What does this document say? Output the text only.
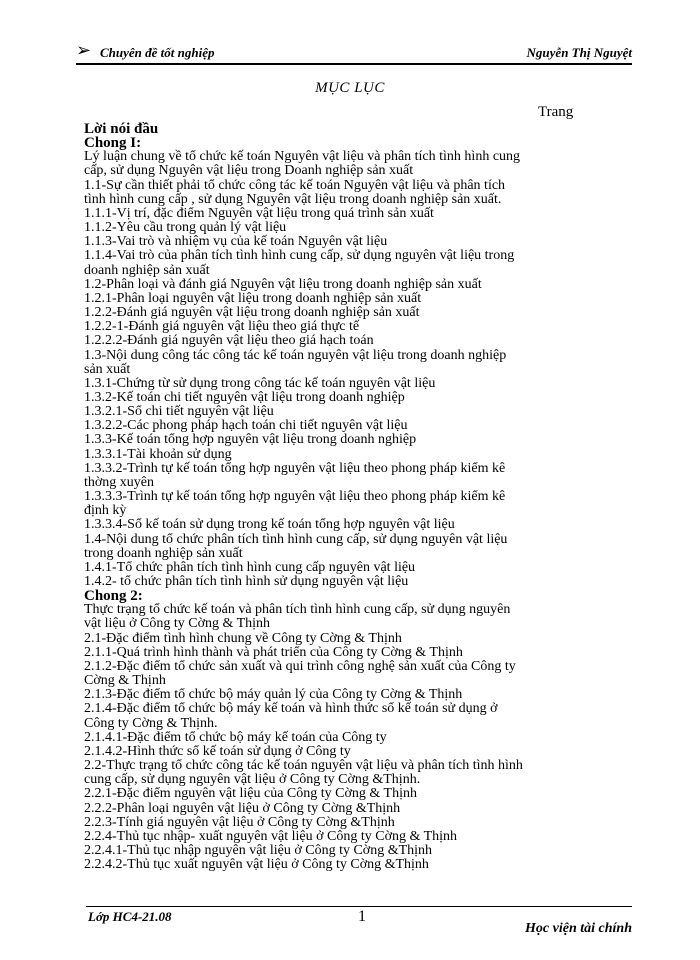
➢ Chuyên đề tốt nghiệp	Nguyễn Thị Nguyệt
MỤC LỤC
Trang
Lời nói đầu
Chong I:
Lý luận chung về tổ chức kế toán Nguyên vật liệu và phân tích tình hình cung cấp, sử dụng Nguyên vật liệu trong Doanh nghiệp sản xuất
1.1-Sự cần thiết phải tổ chức công tác kế toán Nguyên vật liệu và phân tích tình hình cung cấp , sử dụng Nguyên vật liệu trong doanh nghiệp sản xuất.
1.1.1-Vị trí, đặc điểm Nguyên vật liệu trong quá trình sản xuất
1.1.2-Yêu cầu trong quản lý vật liệu
1.1.3-Vai trò và nhiệm vụ của kế toán Nguyên vật liệu
1.1.4-Vai trò của phân tích tình hình cung cấp, sử dụng nguyên vật liệu trong doanh nghiệp sản xuất
1.2-Phân loại và đánh giá Nguyên vật liệu trong doanh nghiệp sản xuất
1.2.1-Phân loại nguyên vật liệu trong doanh nghiệp sản xuất
1.2.2-Đánh giá nguyên vật liệu trong doanh nghiệp sản xuất
1.2.2-1-Đánh giá nguyên vật liệu theo giá thực tế
1.2.2.2-Đánh giá nguyên vật liệu theo giá hạch toán
1.3-Nội dung công tác công tác kế toán nguyên vật liệu trong doanh nghiệp sản xuất
1.3.1-Chứng từ sử dụng trong công tác kế toán nguyên vật liệu
1.3.2-Kế toán chi tiết nguyên vật liệu trong doanh nghiệp
1.3.2.1-Sổ chi tiết nguyên vật liệu
1.3.2.2-Các phong pháp hạch toán chi tiết nguyên vật liệu
1.3.3-Kế toán tổng hợp nguyên vật liệu trong doanh nghiệp
1.3.3.1-Tài khoản sử dụng
1.3.3.2-Trình tự kế toán tổng hợp nguyên vật liệu theo phong pháp kiểm kê thờng xuyên
1.3.3.3-Trình tự kế toán tổng hợp nguyên vật liệu theo phong pháp kiểm kê định kỳ
1.3.3.4-Sổ kế toán sử dụng trong kế toán tổng hợp nguyên vật liệu
1.4-Nội dung tổ chức phân tích tình hình cung cấp, sử dụng nguyên vật liệu trong doanh nghiệp sản xuất
1.4.1-Tổ chức phân tích tình hình cung cấp nguyên vật liệu
1.4.2- tổ chức phân tích tình hình sử dụng nguyên vật liệu
Chong 2:
Thực trạng tổ chức kế toán và phân tích tình hình cung cấp, sử dụng nguyên vật liệu ở Công ty Cờng & Thịnh
2.1-Đặc điểm tình hình chung về Công ty Cờng & Thịnh
2.1.1-Quá trình hình thành và phát triển của Công ty Cờng & Thịnh
2.1.2-Đặc điểm tổ chức sản xuất và qui trình công nghệ sản xuất của Công ty Cờng & Thịnh
2.1.3-Đặc điểm tổ chức bộ máy quản lý của Công ty Cờng & Thịnh
2.1.4-Đặc điểm tổ chức bộ máy kế toán và hình thức sổ kế toán sử dụng ở Công ty Cờng & Thịnh.
2.1.4.1-Đặc điểm tổ chức bộ máy kế toán của Công ty
2.1.4.2-Hình thức sổ kế toán sử dụng ở Công ty
2.2-Thực trạng tổ chức công tác kế toán nguyên vật liệu và phân tích tình hình cung cấp, sử dụng nguyên vật liệu ở Công ty Cờng &Thịnh.
2.2.1-Đặc điểm nguyên vật liệu của Công ty Cờng & Thịnh
2.2.2-Phân loại nguyên vật liệu ở Công ty Cờng &Thịnh
2.2.3-Tính giá nguyên vật liệu ở Công ty Cờng &Thịnh
2.2.4-Thủ tục nhập- xuất nguyên vật liệu ở Công ty Cờng & Thịnh
2.2.4.1-Thủ tục nhập nguyên vật liệu ở Công ty Cờng &Thịnh
2.2.4.2-Thủ tục xuất nguyên vật liệu ở Công ty Cờng &Thịnh
Lớp HC4-21.08	1
Học viện tài chính
